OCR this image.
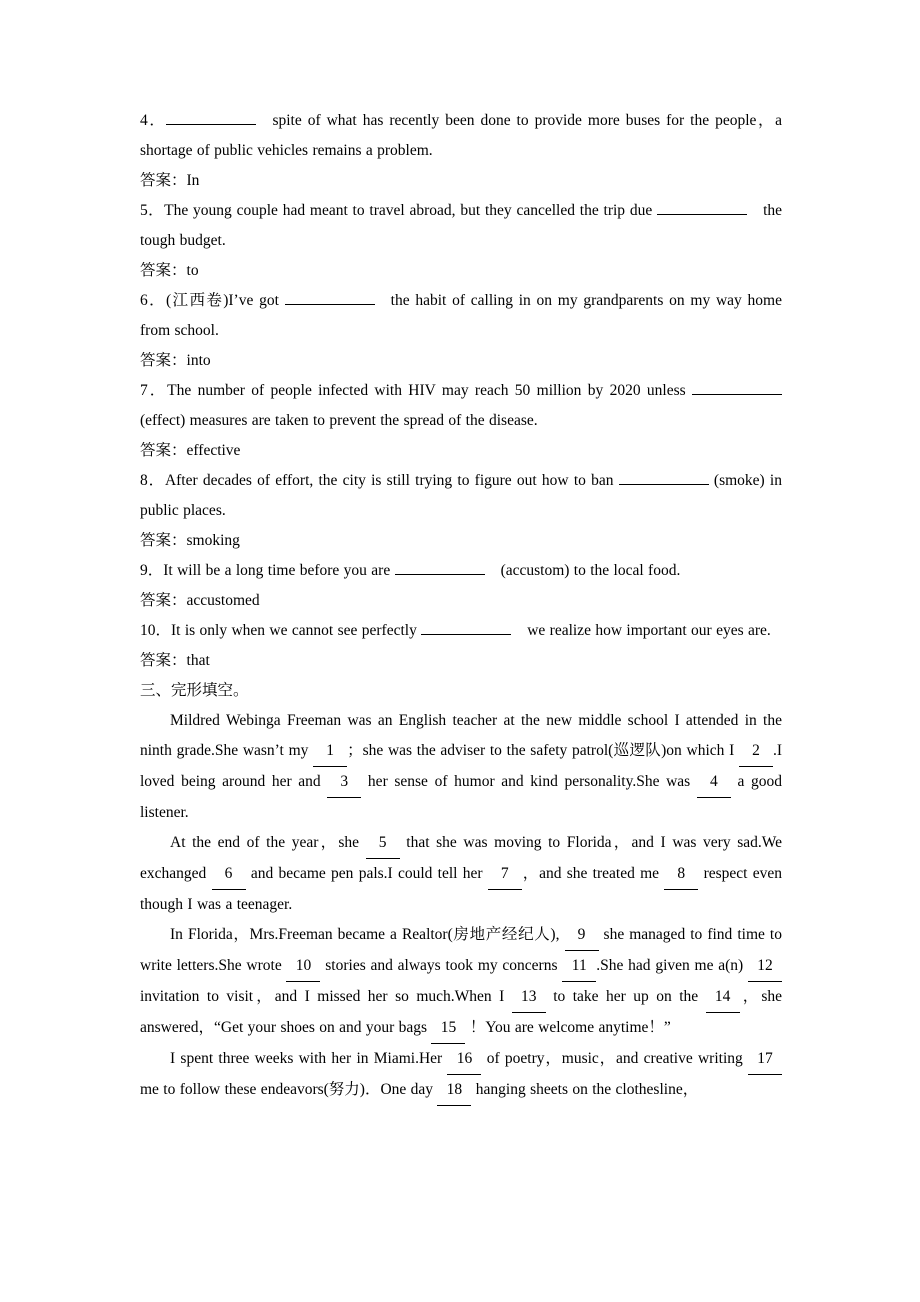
4．	spite of what has recently been done to provide more buses for the people，a shortage of public vehicles remains a problem.

答案：In

5．The young couple had meant to travel abroad, but they cancelled the trip due	the tough budget.

答案：to

6．(江西卷)I’ve got	the habit of calling in on my grandparents on my way home from school.

答案：into

7．The number of people infected with HIV may reach 50 million by 2020 unless  (effect) measures are taken to prevent the spread of the disease.

答案：effective

8．After decades of effort, the city is still trying to figure out how to ban	(smoke) in public places.

答案：smoking

9．It will be a long time before you are	(accustom) to the local food.

答案：accustomed

10．It is only when we cannot see perfectly	we realize how important our eyes are.

答案：that

三、完形填空。

Mildred Webinga Freeman was an English teacher at the new middle school I attended in the ninth grade.She wasn’t my 1 ；she was the adviser to the safety patrol(巡逻队)on which I 2 .I loved being around her and 3 her sense of humor and kind personality.She was 4 a good listener.

At the end of the year，she 5 that she was moving to Florida，and I was very sad.We exchanged 6 and became pen pals.I could tell her 7 ，and she treated me 8 respect even though I was a teenager.

In Florida，Mrs.Freeman became a Realtor(房地产经纪人), 9 she managed to find time to write letters.She wrote 10 stories and always took my concerns 11 .She had given me a(n) 12 invitation to visit，and I missed her so much.When I 13 to take her up on the 14 ，she answered，“Get your shoes on and your bags 15 ！You are welcome anytime！”

I spent three weeks with her in Miami.Her 16 of poetry，music，and creative writing 17 me to follow these endeavors(努力)．One day 18 hanging sheets on the clothesline，
